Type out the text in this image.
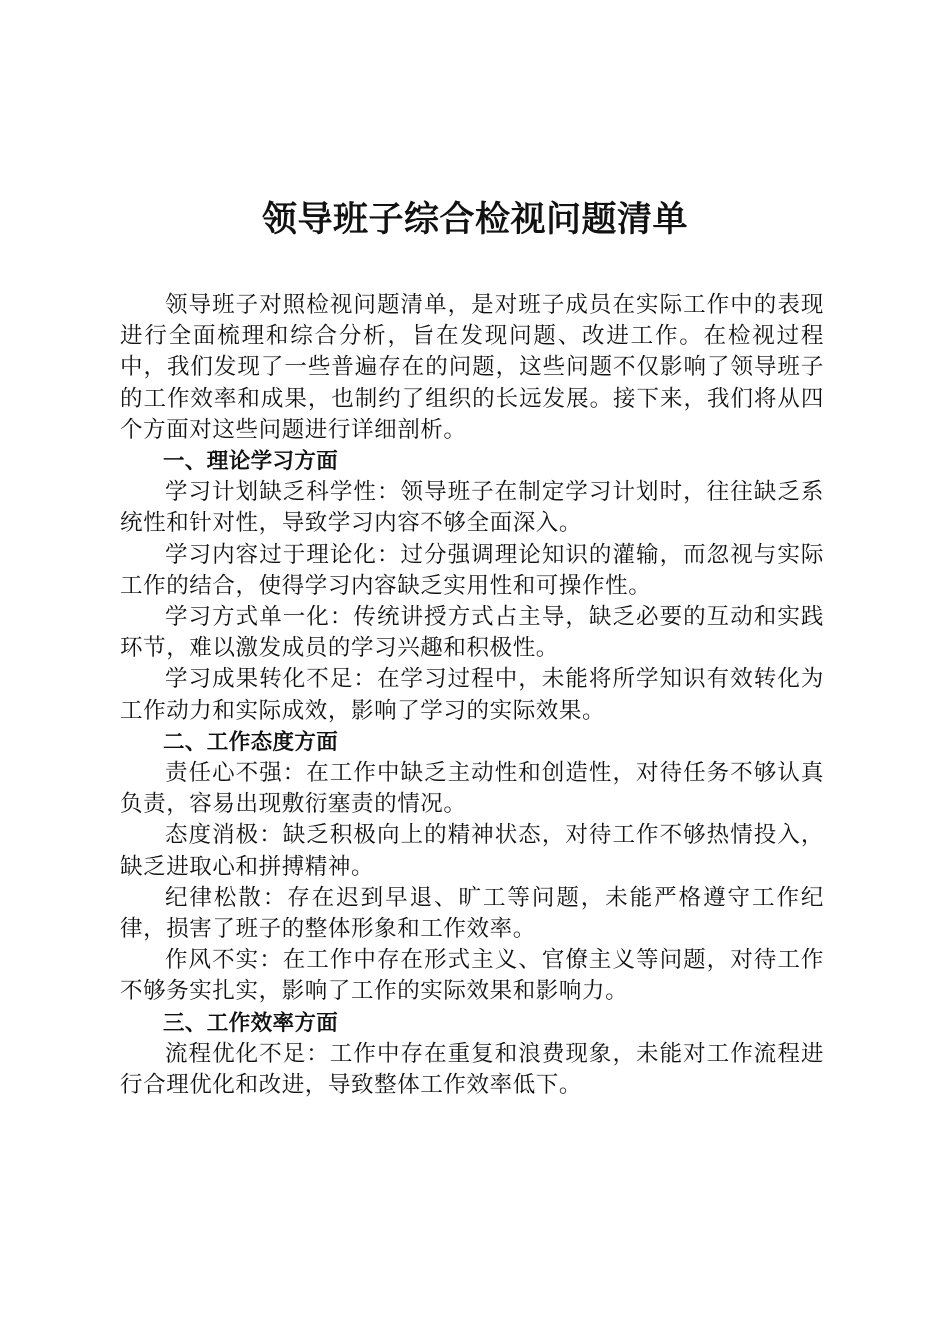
领导班子综合检视问题清单

领导班子对照检视问题清单，是对班子成员在实际工作中的表现进行全面梳理和综合分析，旨在发现问题、改进工作。在检视过程中，我们发现了一些普遍存在的问题，这些问题不仅影响了领导班子的工作效率和成果，也制约了组织的长远发展。接下来，我们将从四个方面对这些问题进行详细剖析。

一、理论学习方面

学习计划缺乏科学性：领导班子在制定学习计划时，往往缺乏系统性和针对性，导致学习内容不够全面深入。

学习内容过于理论化：过分强调理论知识的灌输，而忽视与实际工作的结合，使得学习内容缺乏实用性和可操作性。

学习方式单一化：传统讲授方式占主导，缺乏必要的互动和实践环节，难以激发成员的学习兴趣和积极性。

学习成果转化不足：在学习过程中，未能将所学知识有效转化为工作动力和实际成效，影响了学习的实际效果。

二、工作态度方面

责任心不强：在工作中缺乏主动性和创造性，对待任务不够认真负责，容易出现敷衍塞责的情况。

态度消极：缺乏积极向上的精神状态，对待工作不够热情投入，缺乏进取心和拼搏精神。

纪律松散：存在迟到早退、旷工等问题，未能严格遵守工作纪律，损害了班子的整体形象和工作效率。

作风不实：在工作中存在形式主义、官僚主义等问题，对待工作不够务实扎实，影响了工作的实际效果和影响力。

三、工作效率方面

流程优化不足：工作中存在重复和浪费现象，未能对工作流程进行合理优化和改进，导致整体工作效率低下。
